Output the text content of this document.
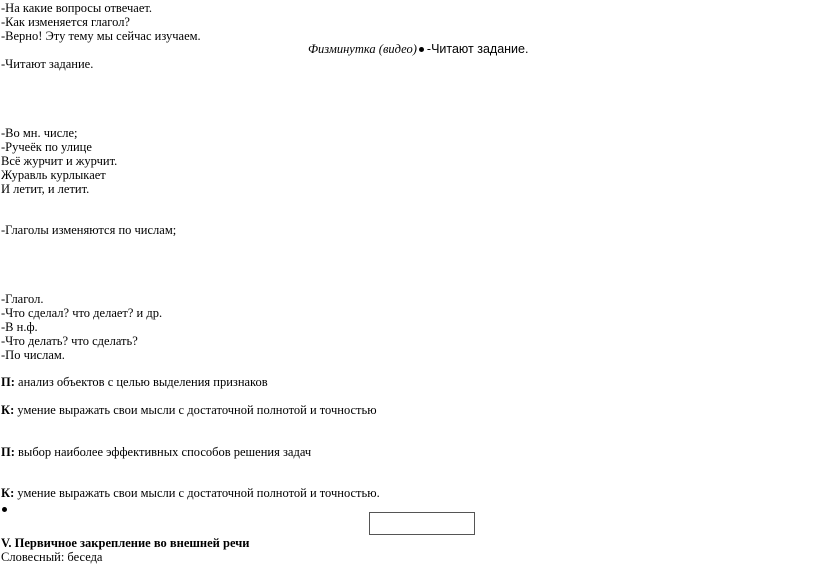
-На какие вопросы отвечает.
-Как изменяется глагол?
-Верно! Эту тему мы сейчас изучаем.
Физминутка (видео) -Читают задание.
-Читают задание.
-Во мн. числе;
-Ручеёк по улице
Всё журчит и журчит.
Журавль курлыкает
И летит, и летит.
-Глаголы изменяются по числам;
-Глагол.
-Что сделал? что делает? и др.
-В н.ф.
-Что делать? что сделать?
-По числам.
П: анализ объектов с целью выделения признаков
К: умение выражать свои мысли с достаточной полнотой и точностью
П: выбор наиболее эффективных способов решения задач
К: умение выражать свои мысли с достаточной полнотой и точностью.
V. Первичное закрепление во внешней речи
Словесный: беседа
